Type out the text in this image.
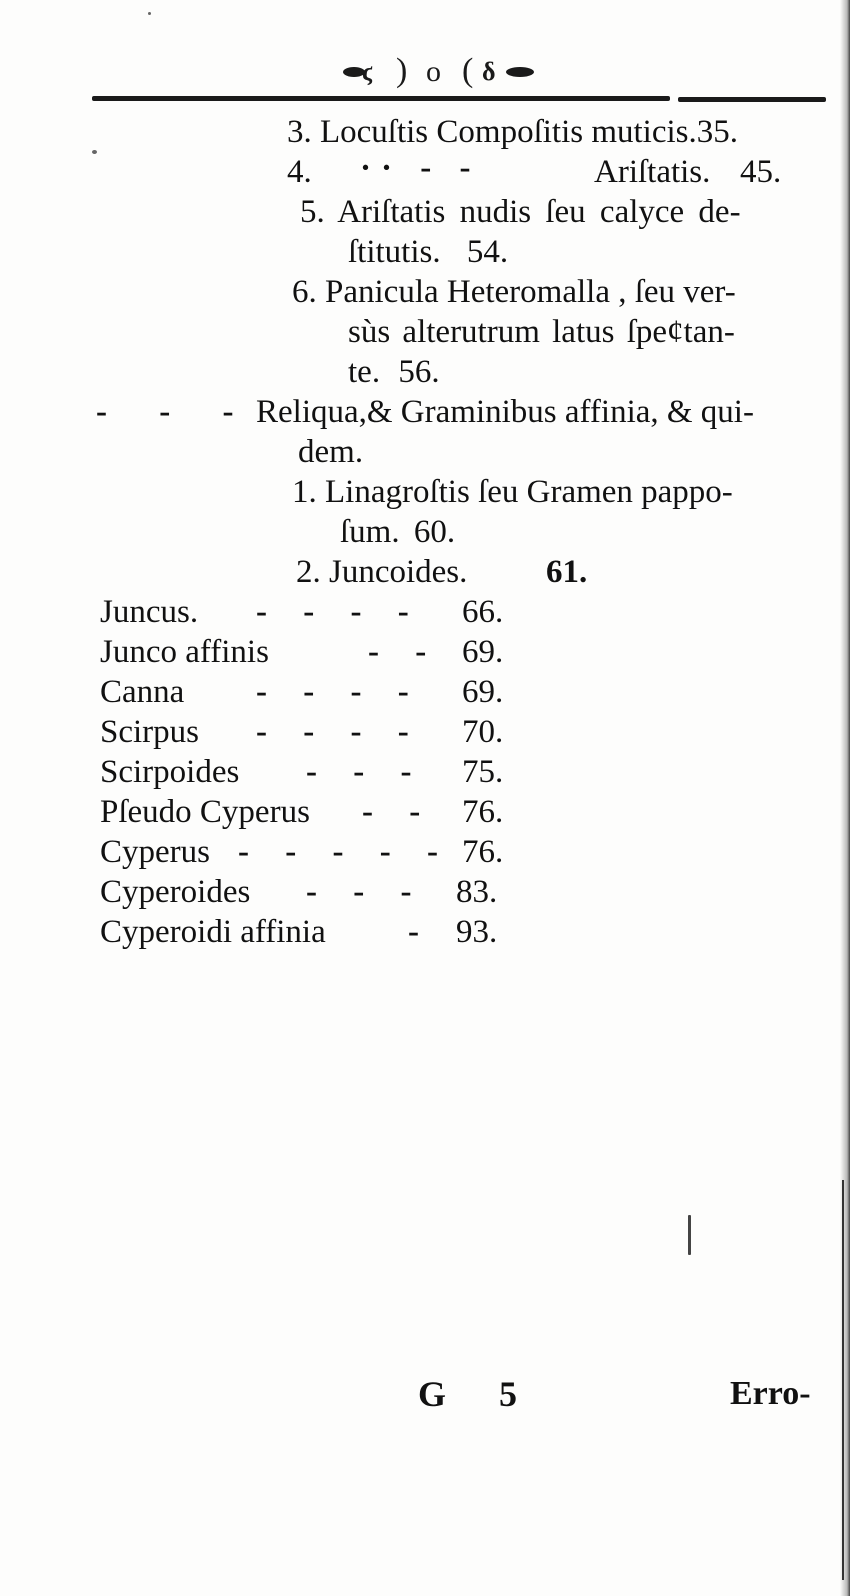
ϛ ) o ( δ
3. Locuſtis Compoſitis muticis.35.
4. ·· - -	Ariſtatis. 45.
5. Ariſtatis nudis ſeu calyce de-
ſtitutis. 54.
6. Panicula Heteromalla , ſeu ver-
sùs alterutrum latus ſpe¢tan-
te. 56.
- - - Reliqua,& Graminibus affinia, & qui-
dem.
1. Linagroſtis ſeu Gramen pappo-
ſum. 60.
2. Juncoides. 61.
Juncus. - - - - 66.
Junco affinis	- - 69.
Canna - - - - 69.
Scirpus - - - - 70.
Scirpoides - - - 75.
Pſeudo Cyperus - - 76.
Cyperus - - - - - 76.
Cyperoides - - - 83.
Cyperoidi affinia - 93.
G 5	Erro-
